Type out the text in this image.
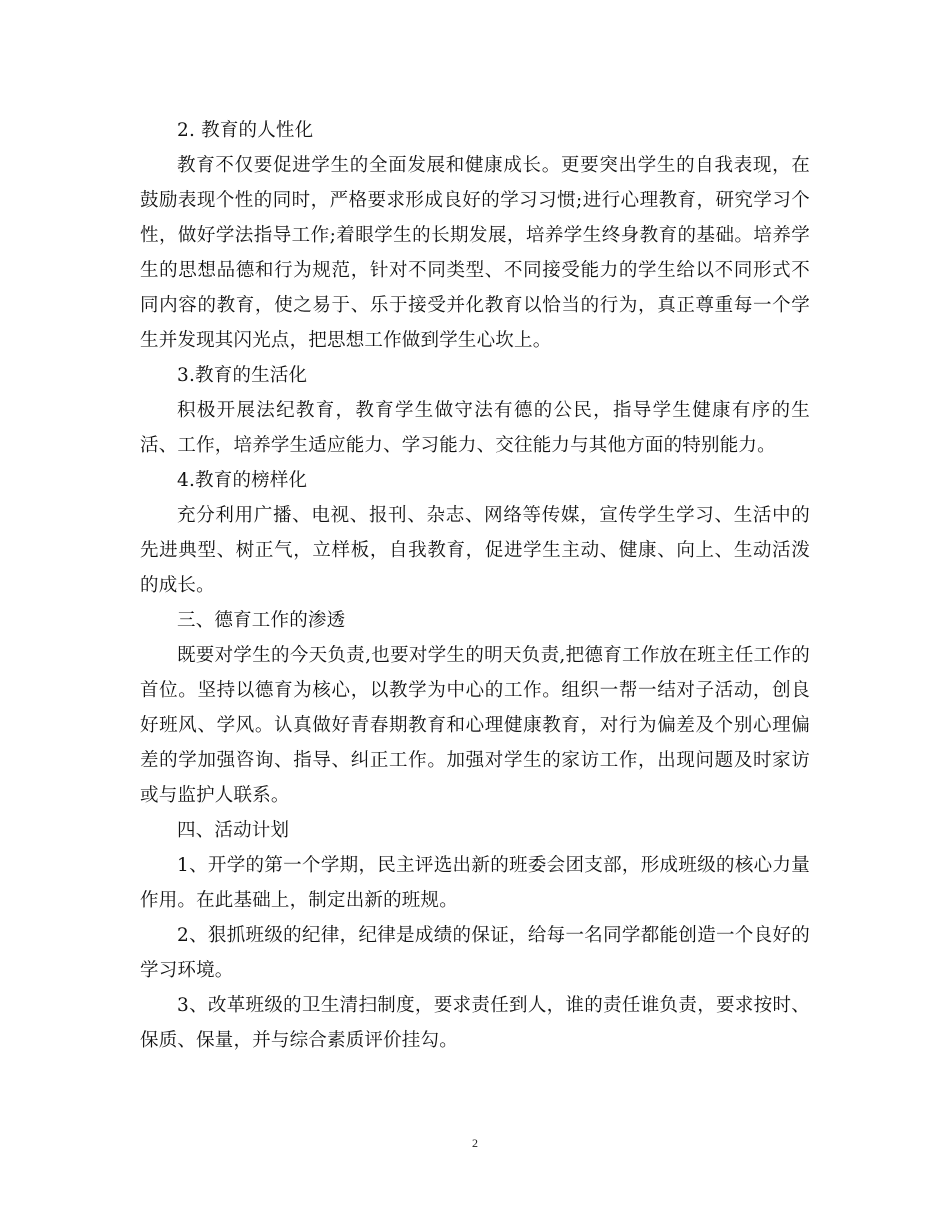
2. 教育的人性化

教育不仅要促进学生的全面发展和健康成长。更要突出学生的自我表现，在鼓励表现个性的同时，严格要求形成良好的学习习惯;进行心理教育，研究学习个性，做好学法指导工作;着眼学生的长期发展，培养学生终身教育的基础。培养学生的思想品德和行为规范，针对不同类型、不同接受能力的学生给以不同形式不同内容的教育，使之易于、乐于接受并化教育以恰当的行为，真正尊重每一个学生并发现其闪光点，把思想工作做到学生心坎上。

3.教育的生活化

积极开展法纪教育，教育学生做守法有德的公民，指导学生健康有序的生活、工作，培养学生适应能力、学习能力、交往能力与其他方面的特别能力。

4.教育的榜样化

充分利用广播、电视、报刊、杂志、网络等传媒，宣传学生学习、生活中的先进典型、树正气，立样板，自我教育，促进学生主动、健康、向上、生动活泼的成长。

三、德育工作的渗透

既要对学生的今天负责,也要对学生的明天负责,把德育工作放在班主任工作的首位。坚持以德育为核心，以教学为中心的工作。组织一帮一结对子活动，创良好班风、学风。认真做好青春期教育和心理健康教育，对行为偏差及个别心理偏差的学加强咨询、指导、纠正工作。加强对学生的家访工作，出现问题及时家访或与监护人联系。

四、活动计划

1、开学的第一个学期，民主评选出新的班委会团支部，形成班级的核心力量作用。在此基础上，制定出新的班规。

2、狠抓班级的纪律，纪律是成绩的保证，给每一名同学都能创造一个良好的学习环境。

3、改革班级的卫生清扫制度，要求责任到人，谁的责任谁负责，要求按时、保质、保量，并与综合素质评价挂勾。

2
